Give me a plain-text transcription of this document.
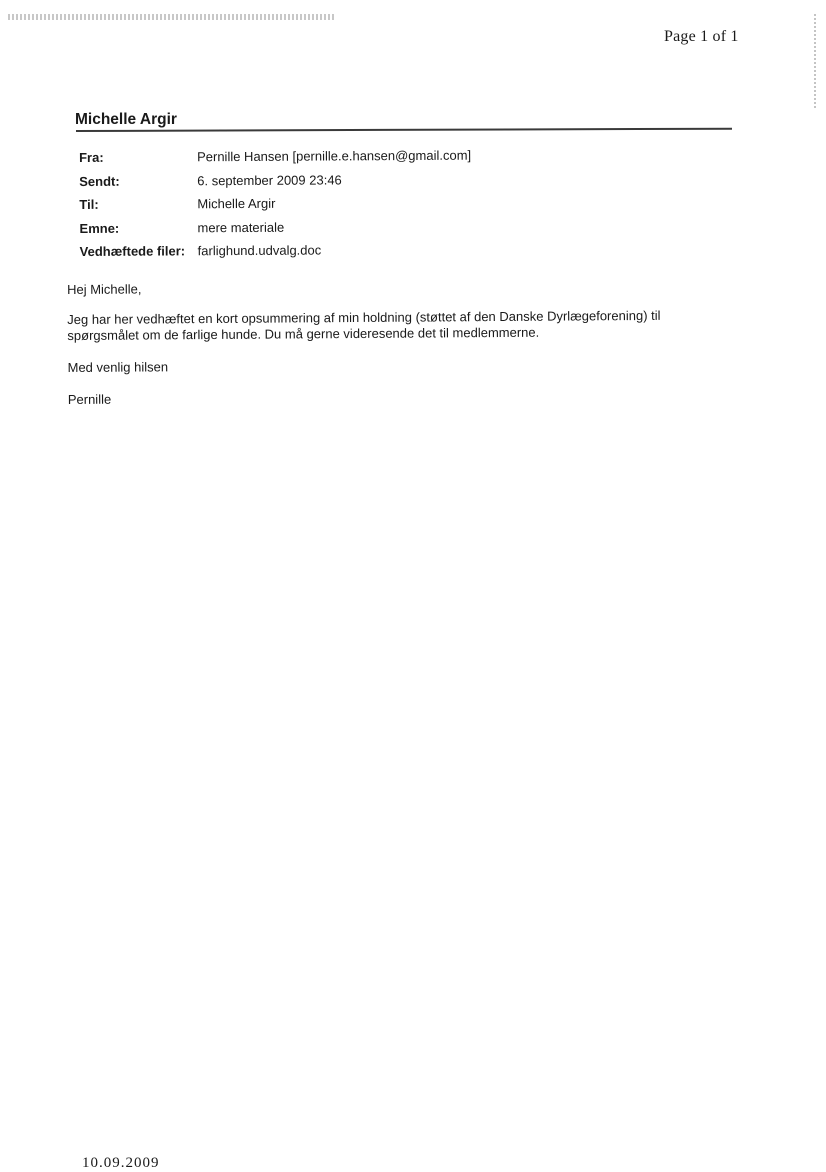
Page 1 of 1
Michelle Argir
Fra:	Pernille Hansen [pernille.e.hansen@gmail.com]
Sendt:	6. september 2009 23:46
Til:	Michelle Argir
Emne:	mere materiale
Vedhæftede filer: farlighund.udvalg.doc

Hej Michelle,

Jeg har her vedhæftet en kort opsummering af min holdning (støttet af den Danske Dyrlægeforening) til

spørgsmålet om de farlige hunde. Du må gerne videresende det til medlemmerne.

Med venlig hilsen

Pernille

10.09.2009
